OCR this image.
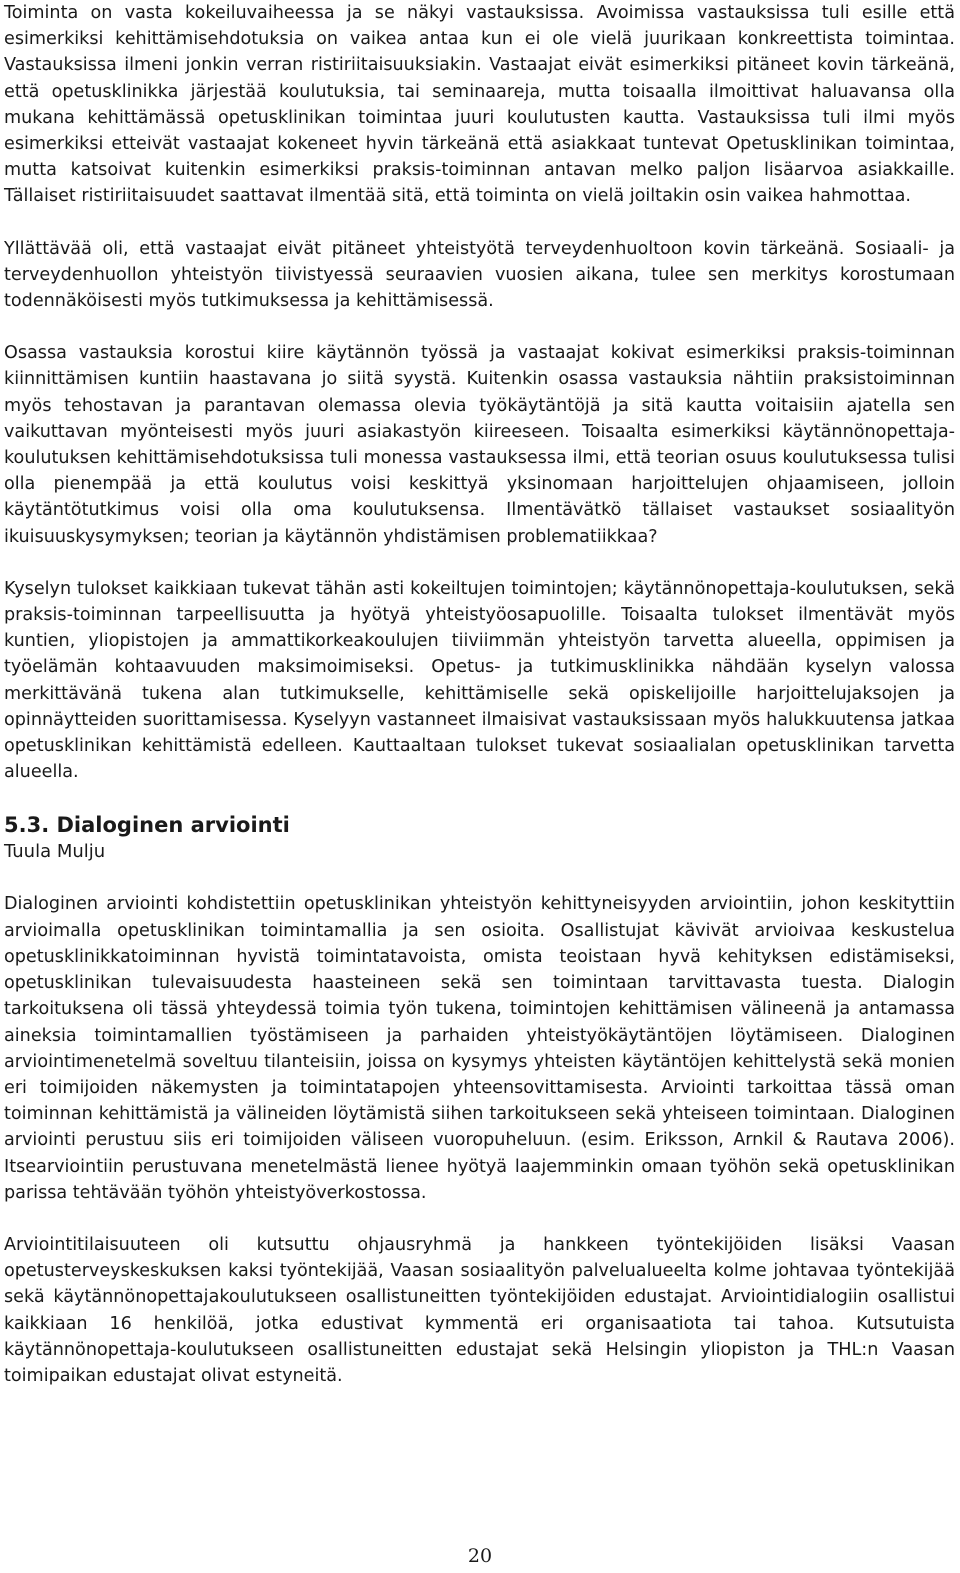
Toiminta on vasta kokeiluvaiheessa ja se näkyi vastauksissa. Avoimissa vastauksissa tuli esille että esimerkiksi kehittämisehdotuksia on vaikea antaa kun ei ole vielä juurikaan konkreettista toimintaa. Vastauksissa ilmeni jonkin verran ristiriitaisuuksiakin. Vastaajat eivät esimerkiksi pitäneet kovin tärkeänä, että opetusklinikka järjestää koulutuksia, tai seminaareja, mutta toisaalla ilmoittivat haluavansa olla mukana kehittämässä opetusklinikan toimintaa juuri koulutusten kautta. Vastauksissa tuli ilmi myös esimerkiksi etteivät vastaajat kokeneet hyvin tärkeänä että asiakkaat tuntevat Opetusklinikan toimintaa, mutta katsoivat kuitenkin esimerkiksi praksis-toiminnan antavan melko paljon lisäarvoa asiakkaille. Tällaiset ristiriitaisuudet saattavat ilmentää sitä, että toiminta on vielä joiltakin osin vaikea hahmottaa.

Yllättävää oli, että vastaajat eivät pitäneet yhteistyötä terveydenhuoltoon kovin tärkeänä. Sosiaali- ja terveydenhuollon yhteistyön tiivistyessä seuraavien vuosien aikana, tulee sen merkitys korostumaan todennäköisesti myös tutkimuksessa ja kehittämisessä.

Osassa vastauksia korostui kiire käytännön työssä ja vastaajat kokivat esimerkiksi praksis-toiminnan kiinnittämisen kuntiin haastavana jo siitä syystä. Kuitenkin osassa vastauksia nähtiin praksistoiminnan myös tehostavan ja parantavan olemassa olevia työkäytäntöjä ja sitä kautta voitaisiin ajatella sen vaikuttavan myönteisesti myös juuri asiakastyön kiireeseen. Toisaalta esimerkiksi käytännönopettaja-koulutuksen kehittämisehdotuksissa tuli monessa vastauksessa ilmi, että teorian osuus koulutuksessa tulisi olla pienempää ja että koulutus voisi keskittyä yksinomaan harjoittelujen ohjaamiseen, jolloin käytäntötutkimus voisi olla oma koulutuksensa. Ilmentävätkö tällaiset vastaukset sosiaalityön ikuisuuskysymyksen; teorian ja käytännön yhdistämisen problematiikkaa?

Kyselyn tulokset kaikkiaan tukevat tähän asti kokeiltujen toimintojen; käytännönopettaja-koulutuksen, sekä praksis-toiminnan tarpeellisuutta ja hyötyä yhteistyöosapuolille. Toisaalta tulokset ilmentävät myös kuntien, yliopistojen ja ammattikorkeakoulujen tiiviimmän yhteistyön tarvetta alueella, oppimisen ja työelämän kohtaavuuden maksimoimiseksi. Opetus- ja tutkimusklinikka nähdään kyselyn valossa merkittävänä tukena alan tutkimukselle, kehittämiselle sekä opiskelijoille harjoittelujaksojen ja opinnäytteiden suorittamisessa. Kyselyyn vastanneet ilmaisivat vastauksissaan myös halukkuutensa jatkaa opetusklinikan kehittämistä edelleen. Kauttaaltaan tulokset tukevat sosiaalialan opetusklinikan tarvetta alueella.

5.3. Dialoginen arviointi

Tuula Mulju

Dialoginen arviointi kohdistettiin opetusklinikan yhteistyön kehittyneisyyden arviointiin, johon keskityttiin arvioimalla opetusklinikan toimintamallia ja sen osioita. Osallistujat kävivät arvioivaa keskustelua opetusklinikkatoiminnan hyvistä toimintatavoista, omista teoistaan hyvä kehityksen edistämiseksi, opetusklinikan tulevaisuudesta haasteineen sekä sen toimintaan tarvittavasta tuesta. Dialogin tarkoituksena oli tässä yhteydessä toimia työn tukena, toimintojen kehittämisen välineenä ja antamassa aineksia toimintamallien työstämiseen ja parhaiden yhteistyökäytäntöjen löytämiseen. Dialoginen arviointimenetelmä soveltuu tilanteisiin, joissa on kysymys yhteisten käytäntöjen kehittelystä sekä monien eri toimijoiden näkemysten ja toimintatapojen yhteensovittamisesta. Arviointi tarkoittaa tässä oman toiminnan kehittämistä ja välineiden löytämistä siihen tarkoitukseen sekä yhteiseen toimintaan. Dialoginen arviointi perustuu siis eri toimijoiden väliseen vuoropuheluun. (esim. Eriksson, Arnkil & Rautava 2006). Itsearviointiin perustuvana menetelmästä lienee hyötyä laajemminkin omaan työhön sekä opetusklinikan parissa tehtävään työhön yhteistyöverkostossa.

Arviointitilaisuuteen oli kutsuttu ohjausryhmä ja hankkeen työntekijöiden lisäksi Vaasan opetusterveyskeskuksen kaksi työntekijää, Vaasan sosiaalityön palvelualueelta kolme johtavaa työntekijää sekä käytännönopettajakoulutukseen osallistuneitten työntekijöiden edustajat. Arviointidialogiin osallistui kaikkiaan 16 henkilöä, jotka edustivat kymmentä eri organisaatiota tai tahoa. Kutsutuista käytännönopettaja-koulutukseen osallistuneitten edustajat sekä Helsingin yliopiston ja THL:n Vaasan toimipaikan edustajat olivat estyneitä.

20
